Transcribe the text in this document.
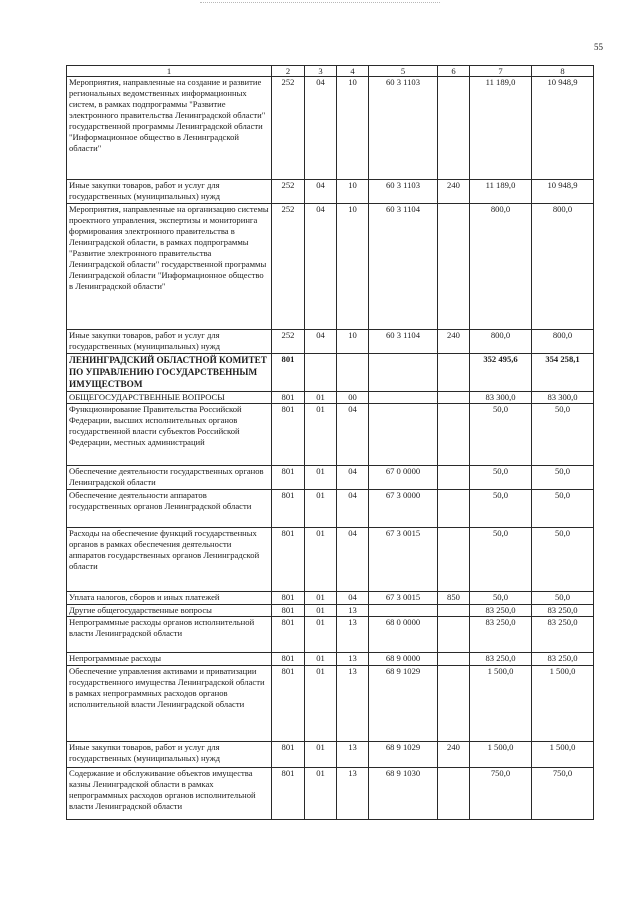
55
1	2	3	4	5	6	7	8
Мероприятия, направленные на создание и развитие региональных ведомственных информационных систем, в рамках подпрограммы "Развитие электронного правительства Ленинградской области" государственной программы Ленинградской области "Информационное общество в Ленинградской области"	252	04	10	60 3 1103		11 189,0	10 948,9
Иные закупки товаров, работ и услуг для государственных (муниципальных) нужд	252	04	10	60 3 1103	240	11 189,0	10 948,9
Мероприятия, направленные на организацию системы проектного управления, экспертизы и мониторинга формирования электронного правительства в Ленинградской области, в рамках подпрограммы "Развитие электронного правительства Ленинградской области" государственной программы Ленинградской области "Информационное общество в Ленинградской области"	252	04	10	60 3 1104		800,0	800,0
Иные закупки товаров, работ и услуг для государственных (муниципальных) нужд	252	04	10	60 3 1104	240	800,0	800,0
ЛЕНИНГРАДСКИЙ ОБЛАСТНОЙ КОМИТЕТ ПО УПРАВЛЕНИЮ ГОСУДАРСТВЕННЫМ ИМУЩЕСТВОМ	801					352 495,6	354 258,1
ОБЩЕГОСУДАРСТВЕННЫЕ ВОПРОСЫ	801	01	00			83 300,0	83 300,0
Функционирование Правительства Российской Федерации, высших исполнительных органов государственной власти субъектов Российской Федерации, местных администраций	801	01	04			50,0	50,0
Обеспечение деятельности государственных органов Ленинградской области	801	01	04	67 0 0000		50,0	50,0
Обеспечение деятельности аппаратов государственных органов Ленинградской области	801	01	04	67 3 0000		50,0	50,0
Расходы на обеспечение функций государственных органов в рамках обеспечения деятельности аппаратов государственных органов Ленинградской области	801	01	04	67 3 0015		50,0	50,0
Уплата налогов, сборов и иных платежей	801	01	04	67 3 0015	850	50,0	50,0
Другие общегосударственные вопросы	801	01	13			83 250,0	83 250,0
Непрограммные расходы органов исполнительной власти Ленинградской области	801	01	13	68 0 0000		83 250,0	83 250,0
Непрограммные расходы	801	01	13	68 9 0000		83 250,0	83 250,0
Обеспечение управления активами и приватизации государственного имущества Ленинградской области в рамках непрограммных расходов органов исполнительной власти Ленинградской области	801	01	13	68 9 1029		1 500,0	1 500,0
Иные закупки товаров, работ и услуг для государственных (муниципальных) нужд	801	01	13	68 9 1029	240	1 500,0	1 500,0
Содержание и обслуживание объектов имущества казны Ленинградской области в рамках непрограммных расходов органов исполнительной власти Ленинградской области	801	01	13	68 9 1030		750,0	750,0
